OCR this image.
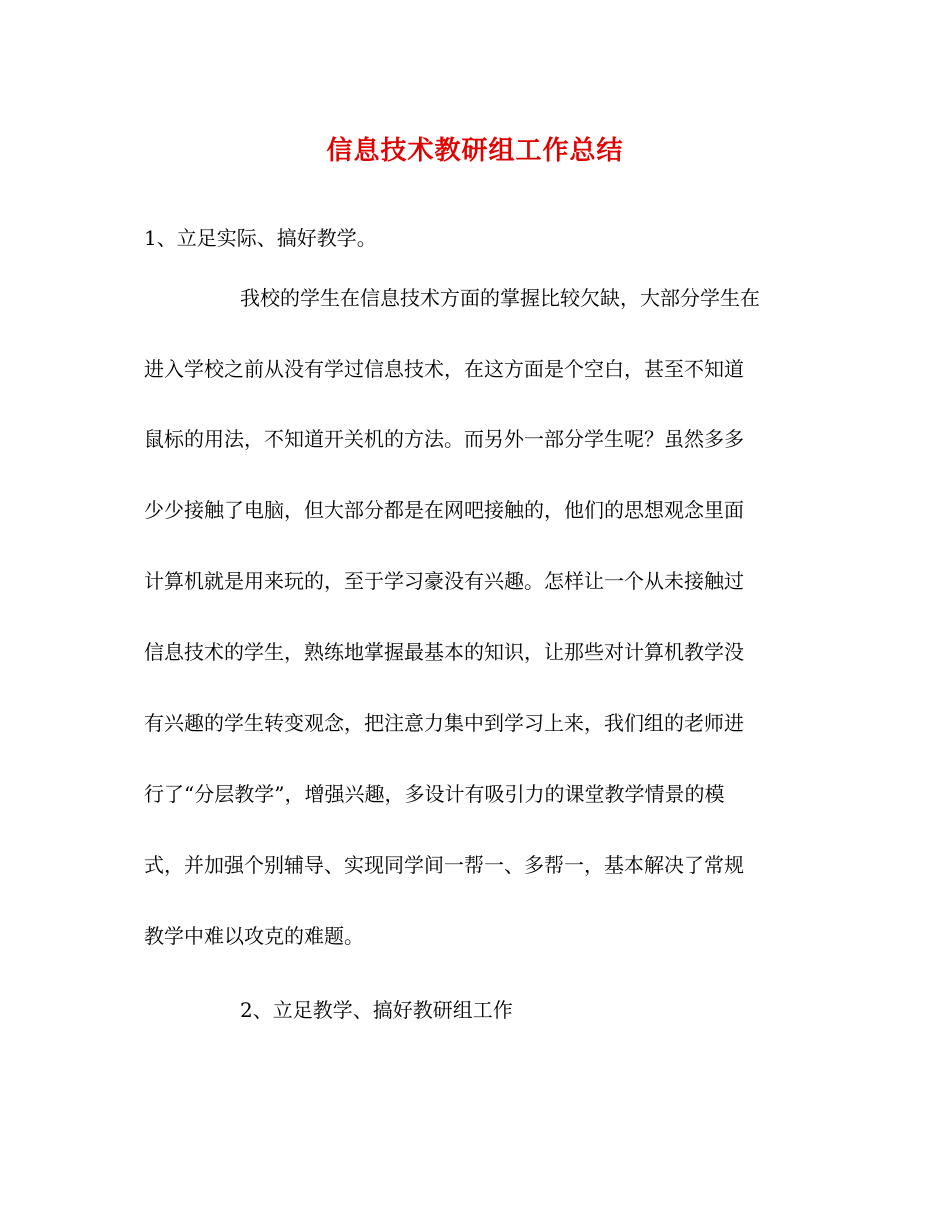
信息技术教研组工作总结
1、立足实际、搞好教学。
我校的学生在信息技术方面的掌握比较欠缺，大部分学生在
进入学校之前从没有学过信息技术，在这方面是个空白，甚至不知道
鼠标的用法，不知道开关机的方法。而另外一部分学生呢？虽然多多
少少接触了电脑，但大部分都是在网吧接触的，他们的思想观念里面
计算机就是用来玩的，至于学习豪没有兴趣。怎样让一个从未接触过
信息技术的学生，熟练地掌握最基本的知识，让那些对计算机教学没
有兴趣的学生转变观念，把注意力集中到学习上来，我们组的老师进
行了“分层教学”，增强兴趣，多设计有吸引力的课堂教学情景的模
式，并加强个别辅导、实现同学间一帮一、多帮一，基本解决了常规
教学中难以攻克的难题。
2、立足教学、搞好教研组工作
